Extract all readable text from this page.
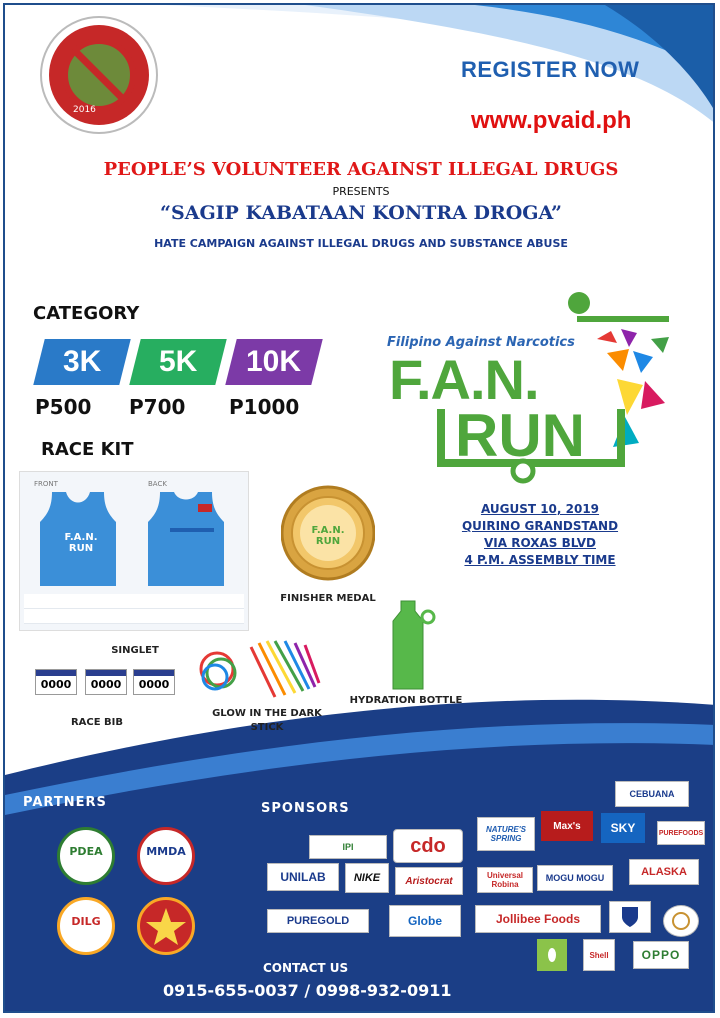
2016
REGISTER NOW
www.pvaid.ph
PEOPLE’S VOLUNTEER AGAINST ILLEGAL DRUGS
PRESENTS
“SAGIP KABATAAN KONTRA DROGA”
HATE CAMPAIGN AGAINST ILLEGAL DRUGS AND SUBSTANCE ABUSE
CATEGORY
3K	5K	10K
P500 P700 P1000
Filipino Against Narcotics
F.A.N.
RUN
AUGUST 10, 2019
QUIRINO GRANDSTAND
VIA ROXAS BLVD
4 P.M. ASSEMBLY TIME
RACE KIT
FRONT	BACK
F.A.N. RUN
SINGLET
F.A.N. RUN
FINISHER MEDAL
HYDRATION BOTTLE
GLOW IN THE DARK
STICK
0000	0000	0000
RACE BIB
PARTNERS
PDEA	MMDA
DILG
SPONSORS
IPI	cdo
NATURE'S SPRING
Max's	SKY	PUREFOODS
CEBUANA
UNILAB	NIKE	Aristocrat	Universal Robina
MOGU MOGU	ALASKA
PUREGOLD	Globe	Jollibee Foods
Shell	OPPO
CONTACT US
0915-655-0037 / 0998-932-0911
